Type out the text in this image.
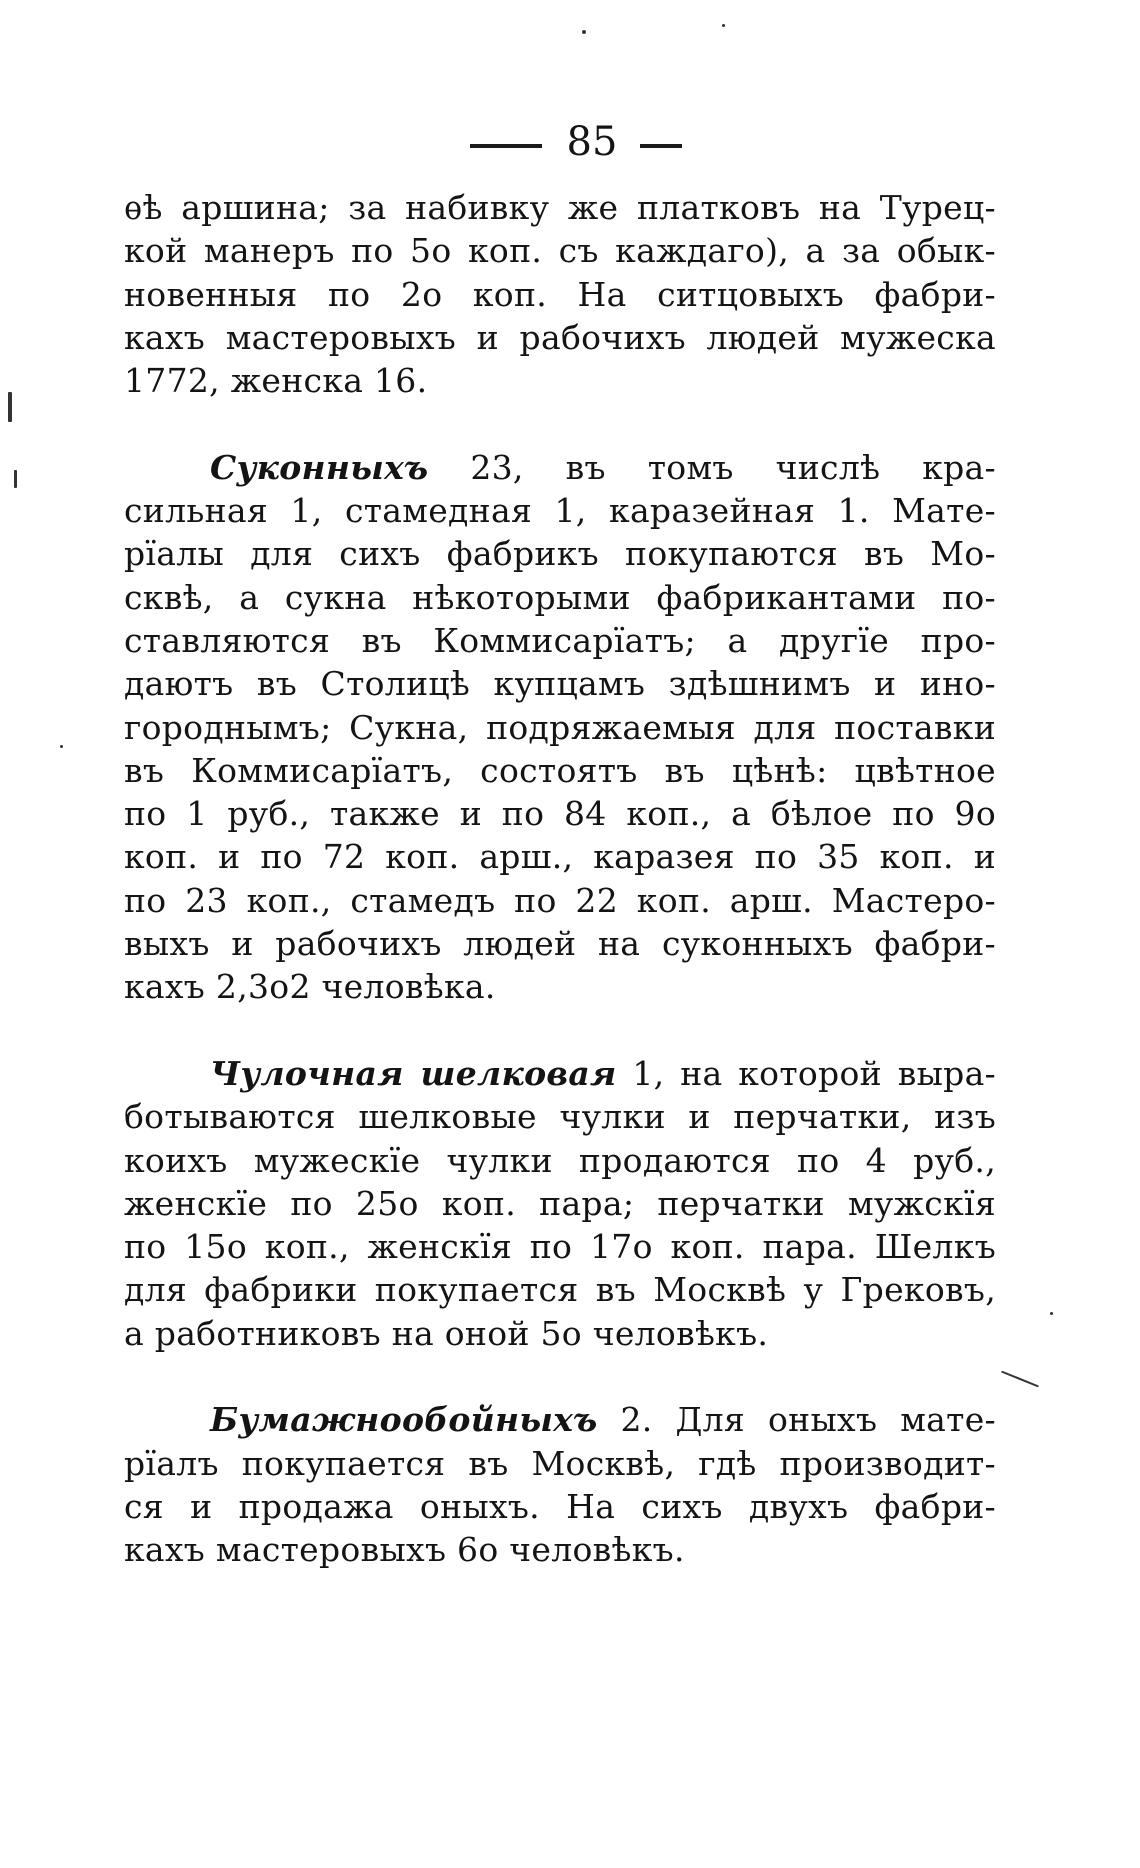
85
ѳѣ аршина; за набивку же платковъ на Турец-
кой манеръ по 5о коп. съ каждаго), а за обык-
новенныя по 2о коп. На ситцовыхъ фабри-
кахъ мастеровыхъ и рабочихъ людей мужеска
1772, женска 16.
Суконныхъ 23, въ томъ числѣ кра-
сильная 1, стамедная 1, каразейная 1. Мате-
рïалы для сихъ фабрикъ покупаются въ Мо-
сквѣ, а сукна нѣкоторыми фабрикантами по-
ставляются въ Коммисарïатъ; а другïе про-
даютъ въ Столицѣ купцамъ здѣшнимъ и ино-
городнымъ; Сукна, подряжаемыя для поставки
въ Коммисарïатъ, состоятъ въ цѣнѣ: цвѣтное
по 1 руб., также и по 84 коп., а бѣлое по 9о
коп. и по 72 коп. арш., каразея по 35 коп. и
по 23 коп., стамедъ по 22 коп. арш. Мастеро-
выхъ и рабочихъ людей на суконныхъ фабри-
кахъ 2,3о2 человѣка.
Чулочная шелковая 1, на которой выра-
ботываются шелковые чулки и перчатки, изъ
коихъ мужескïе чулки продаются по 4 руб.,
женскïе по 25о коп. пара; перчатки мужскïя
по 15о коп., женскïя по 17о коп. пара. Шелкъ
для фабрики покупается въ Москвѣ у Грековъ,
а работниковъ на оной 5о человѣкъ.
Бумажнообойныхъ 2. Для оныхъ мате-
рïалъ покупается въ Москвѣ, гдѣ производит-
ся и продажа оныхъ. На сихъ двухъ фабри-
кахъ мастеровыхъ 6о человѣкъ.
